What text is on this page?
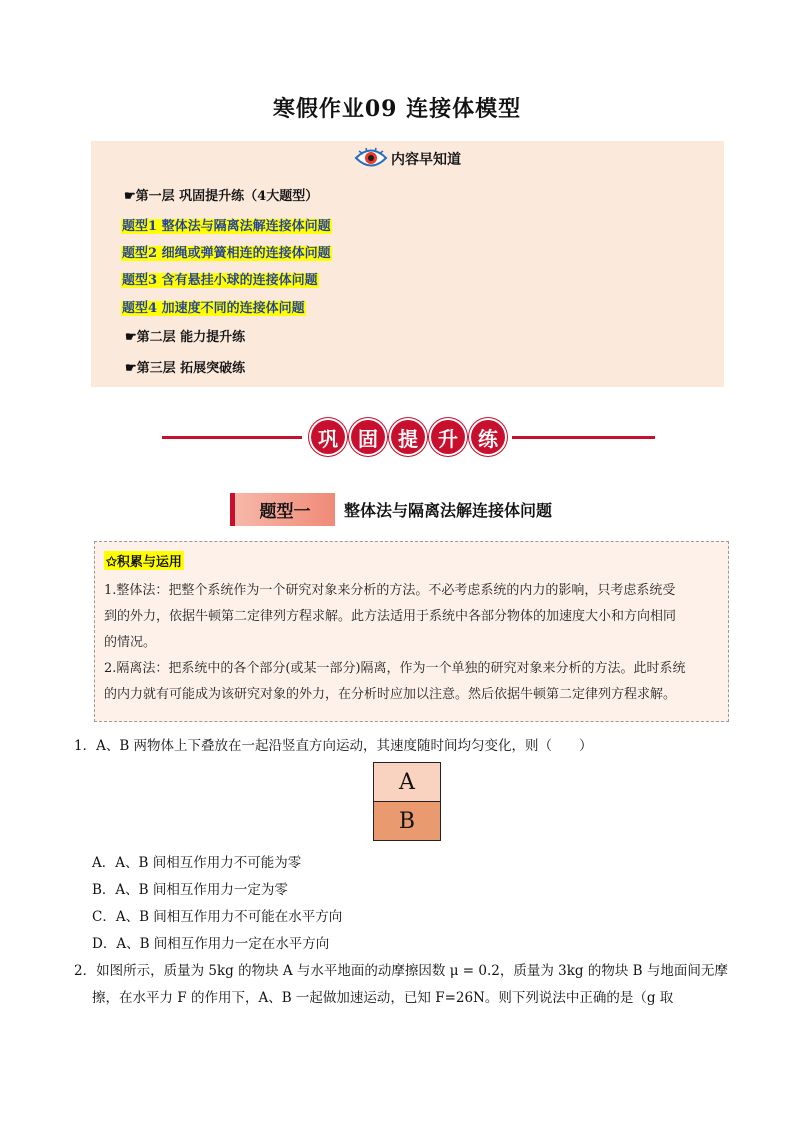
寒假作业09 连接体模型
内容早知道
☛第一层 巩固提升练（4大题型）
题型1 整体法与隔离法解连接体问题
题型2 细绳或弹簧相连的连接体问题
题型3 含有悬挂小球的连接体问题
题型4 加速度不同的连接体问题
☛第二层 能力提升练
☛第三层 拓展突破练
巩	固	提	升	练
题型一	整体法与隔离法解连接体问题
✩积累与运用
1.整体法：把整个系统作为一个研究对象来分析的方法。不必考虑系统的内力的影响，只考虑系统受
到的外力，依据牛顿第二定律列方程求解。此方法适用于系统中各部分物体的加速度大小和方向相同
的情况。
2.隔离法：把系统中的各个部分(或某一部分)隔离，作为一个单独的研究对象来分析的方法。此时系统
的内力就有可能成为该研究对象的外力，在分析时应加以注意。然后依据牛顿第二定律列方程求解。
1．A、B 两物体上下叠放在一起沿竖直方向运动，其速度随时间均匀变化，则（　　）
A
B
A．A、B 间相互作用力不可能为零
B．A、B 间相互作用力一定为零
C．A、B 间相互作用力不可能在水平方向
D．A、B 间相互作用力一定在水平方向
2．如图所示，质量为 5kg 的物块 A 与水平地面的动摩擦因数 μ = 0.2，质量为 3kg 的物块 B 与地面间无摩
擦，在水平力 F 的作用下，A、B 一起做加速运动，已知 F=26N。则下列说法中正确的是（g 取
